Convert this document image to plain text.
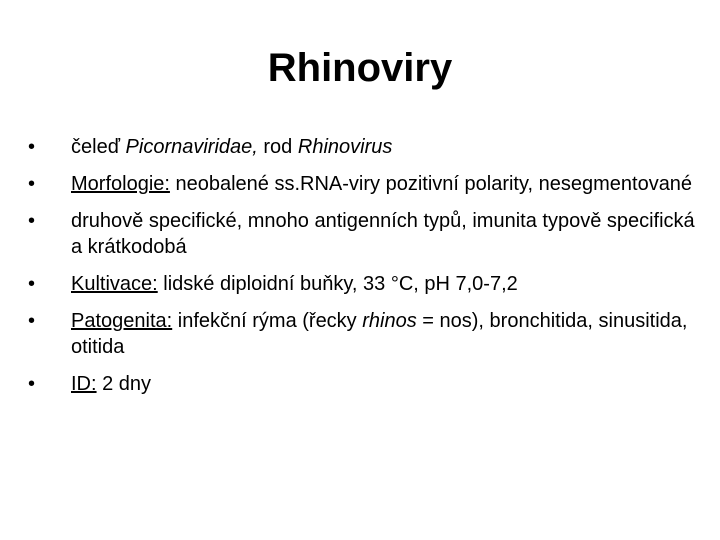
Rhinoviry
•	čeleď Picornaviridae, rod Rhinovirus
•	Morfologie: neobalené ss.RNA-viry pozitivní polarity, nesegmentované
•	druhově specifické, mnoho antigenních typů, imunita typově specifická a krátkodobá
•	Kultivace: lidské diploidní buňky, 33 °C, pH 7,0-7,2
•	Patogenita: infekční rýma (řecky rhinos = nos), bronchitida, sinusitida, otitida
•	ID: 2 dny
